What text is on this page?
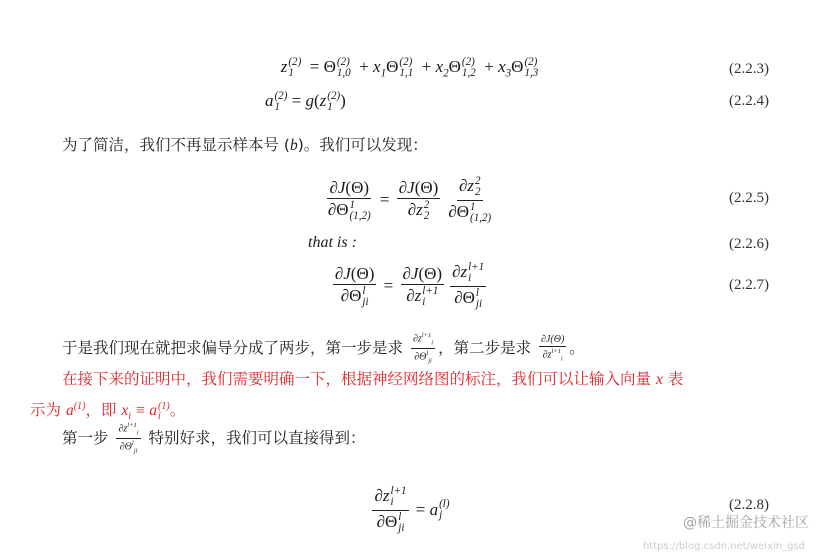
z (2)
1 = Θ (2)
$1,0 + x_1\Theta$ (2)
$1,1 + x_2\Theta$ (2)
$1,2 + x_3\Theta$ (2)
1,3	(2.2.3)
a (2)
1 = g(z (2)
1 )	(2.2.4)
为了简洁，我们不再显示样本号 (b)。我们可以发现：
∂J(Θ)
∂Θ 1
(1,2) = ∂J(Θ)
∂z 2
2 ∂z 2
2
∂Θ 1
(1,2)	(2.2.5)
that is :	(2.2.6)
∂J(Θ)
∂Θ l
ji = ∂J(Θ)
∂z l+1
i ∂z l+1
i
∂Θ l
ji	(2.2.7)
于是我们现在就把求偏导分成了两步，第一步是求 $\frac{\partial z^{l+1}_i}{\partial\Theta^l_{ji}}$ ，第二步是求 $\frac{\partial J(\Theta)}{\partial z^{l+1}_i}$ 。
在接下来的证明中，我们需要明确一下，根据神经网络图的标注，我们可以让输入向量 x 表
示为 $a^{(1)}$，即 $x_i \equiv a$ (1)
i 。
第一步 $\frac{\partial z^{l+1}_i}{\partial\Theta^l_{ji}}$ 特别好求，我们可以直接得到：
∂z l+1
i
∂Θ l
ji = a (l)
j
(2.2.8)
@稀土掘金技术社区
https://blog.csdn.net/weixin_gsd
